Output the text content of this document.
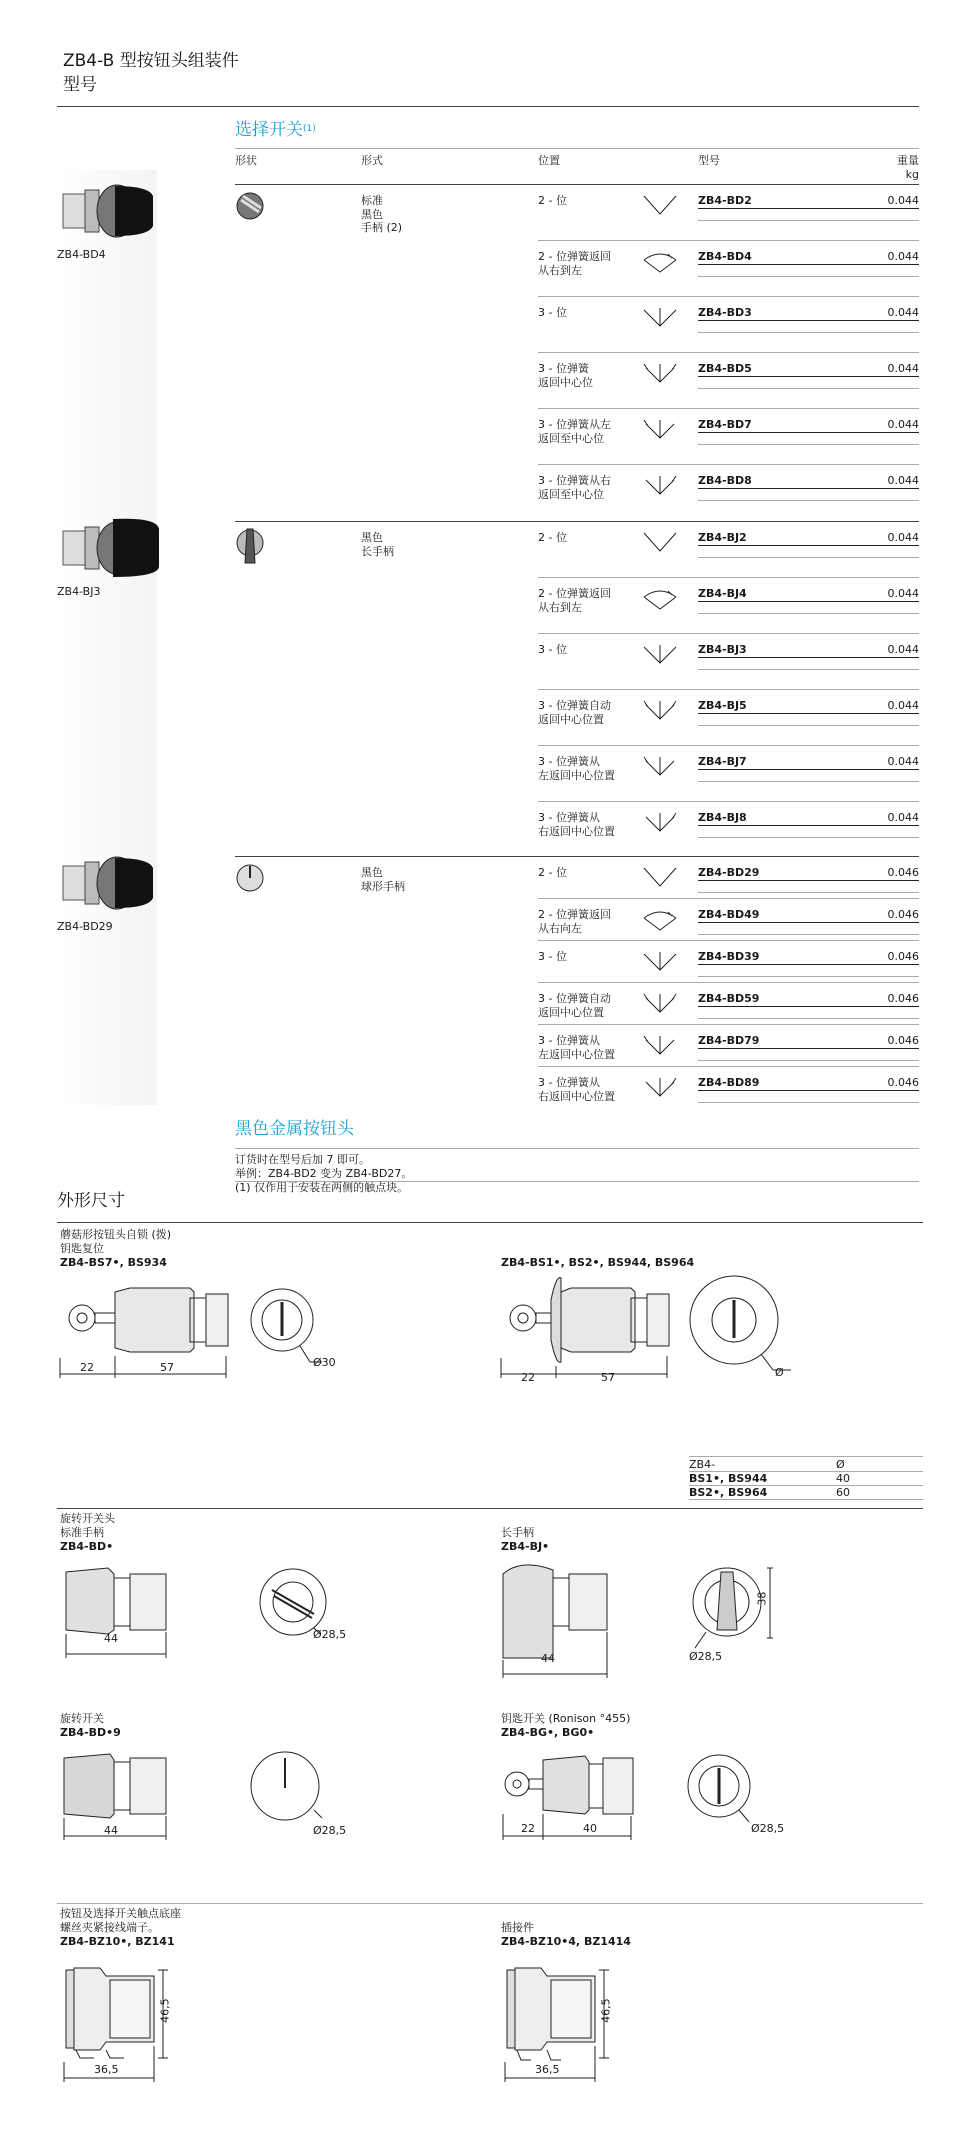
ZB4-B 型按钮头组装件
型号
选择开关$^{(1)}$
形状	形式	位置	型号	重量
kg
ZB4-BD4
标准
黑色
手柄 (2)
2 - 位	ZB4-BD2	0.044
2 - 位弹簧返回
从右到左
ZB4-BD4	0.044
3 - 位	ZB4-BD3	0.044
3 - 位弹簧
返回中心位
ZB4-BD5	0.044
3 - 位弹簧从左
返回至中心位
ZB4-BD7	0.044
3 - 位弹簧从右
返回至中心位
ZB4-BD8	0.044
ZB4-BJ3
黑色
长手柄
2 - 位	ZB4-BJ2	0.044
2 - 位弹簧返回
从右到左
ZB4-BJ4	0.044
3 - 位	ZB4-BJ3	0.044
3 - 位弹簧自动
返回中心位置
ZB4-BJ5	0.044
3 - 位弹簧从
左返回中心位置
ZB4-BJ7	0.044
3 - 位弹簧从
右返回中心位置
ZB4-BJ8	0.044
ZB4-BD29
黑色
球形手柄
2 - 位	ZB4-BD29	0.046
2 - 位弹簧返回
从右向左
ZB4-BD49	0.046
3 - 位	ZB4-BD39	0.046
3 - 位弹簧自动
返回中心位置
ZB4-BD59	0.046
3 - 位弹簧从
左返回中心位置
ZB4-BD79	0.046
3 - 位弹簧从
右返回中心位置
ZB4-BD89	0.046
黑色金属按钮头
订货时在型号后加 7 即可。
举例：ZB4-BD2 变为 ZB4-BD27。
(1) 仅作用于安装在两侧的触点块。
外形尺寸
蘑菇形按钮头自锁 (拨)
钥匙复位
ZB4-BS7•, BS934
22	57	Ø30
ZB4-BS1•, BS2•, BS944, BS964
22	57	Ø
ZB4-	Ø
BS1•, BS944	40
BS2•, BS964	60
旋转开关头
标准手柄
ZB4-BD•
44	Ø28,5
长手柄
ZB4-BJ•
44	Ø28,5
38
旋转开关
ZB4-BD•9
44	Ø28,5
钥匙开关 (Ronison °455)
ZB4-BG•, BG0•
22	40	Ø28,5
按钮及选择开关触点底座
螺丝夹紧接线端子。
ZB4-BZ10•, BZ141
46,5
36,5
插接件
ZB4-BZ10•4, BZ1414
46,5
36,5
